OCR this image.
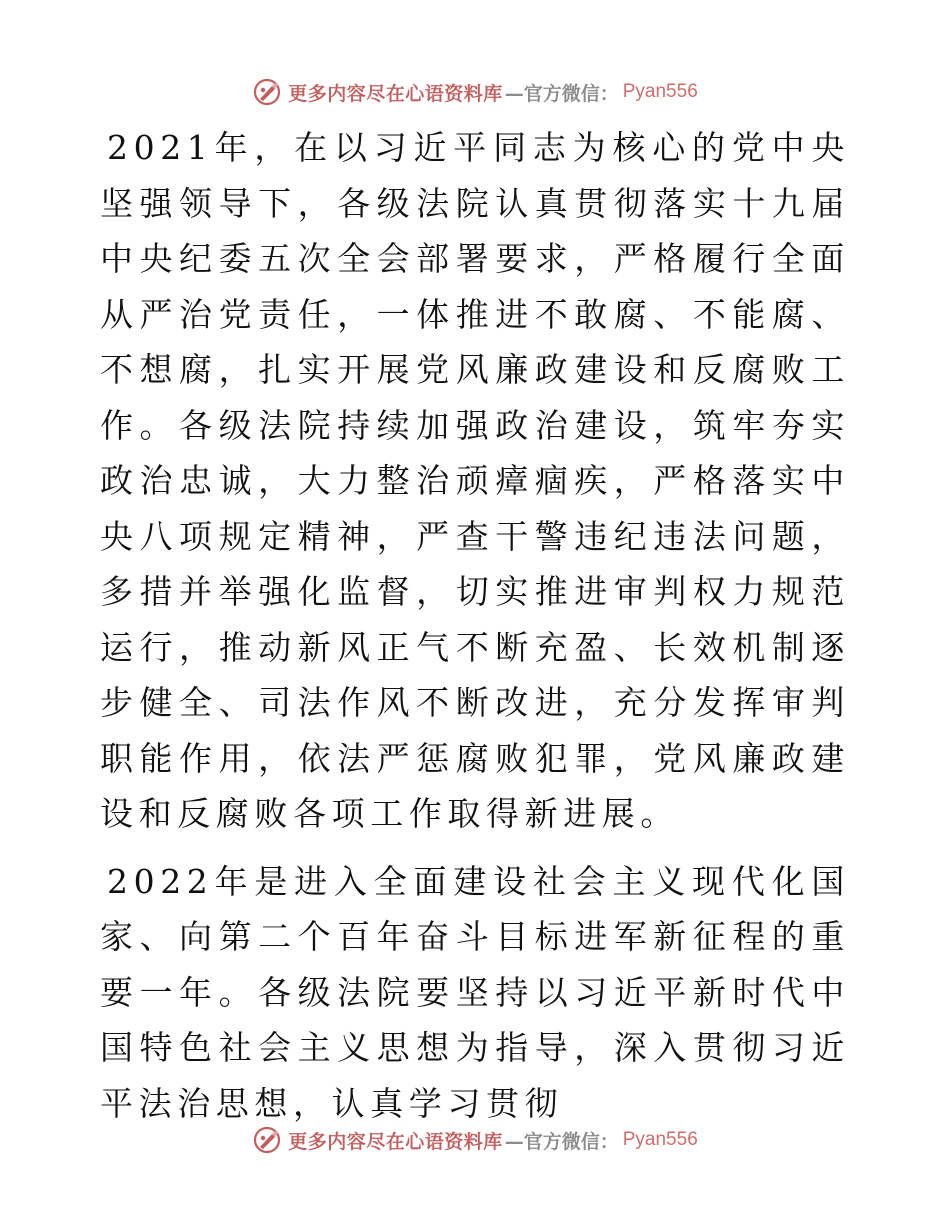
更多内容尽在心语资料库 —官方微信： Pyan556

2021年，在以习近平同志为核心的党中央坚强领导下，各级法院认真贯彻落实十九届中央纪委五次全会部署要求，严格履行全面从严治党责任，一体推进不敢腐、不能腐、不想腐，扎实开展党风廉政建设和反腐败工作。各级法院持续加强政治建设，筑牢夯实政治忠诚，大力整治顽瘴痼疾，严格落实中央八项规定精神，严查干警违纪违法问题，多措并举强化监督，切实推进审判权力规范运行，推动新风正气不断充盈、长效机制逐步健全、司法作风不断改进，充分发挥审判职能作用，依法严惩腐败犯罪，党风廉政建设和反腐败各项工作取得新进展。

2022年是进入全面建设社会主义现代化国家、向第二个百年奋斗目标进军新征程的重要一年。各级法院要坚持以习近平新时代中国特色社会主义思想为指导，深入贯彻习近平法治思想，认真学习贯彻

更多内容尽在心语资料库 —官方微信： Pyan556
